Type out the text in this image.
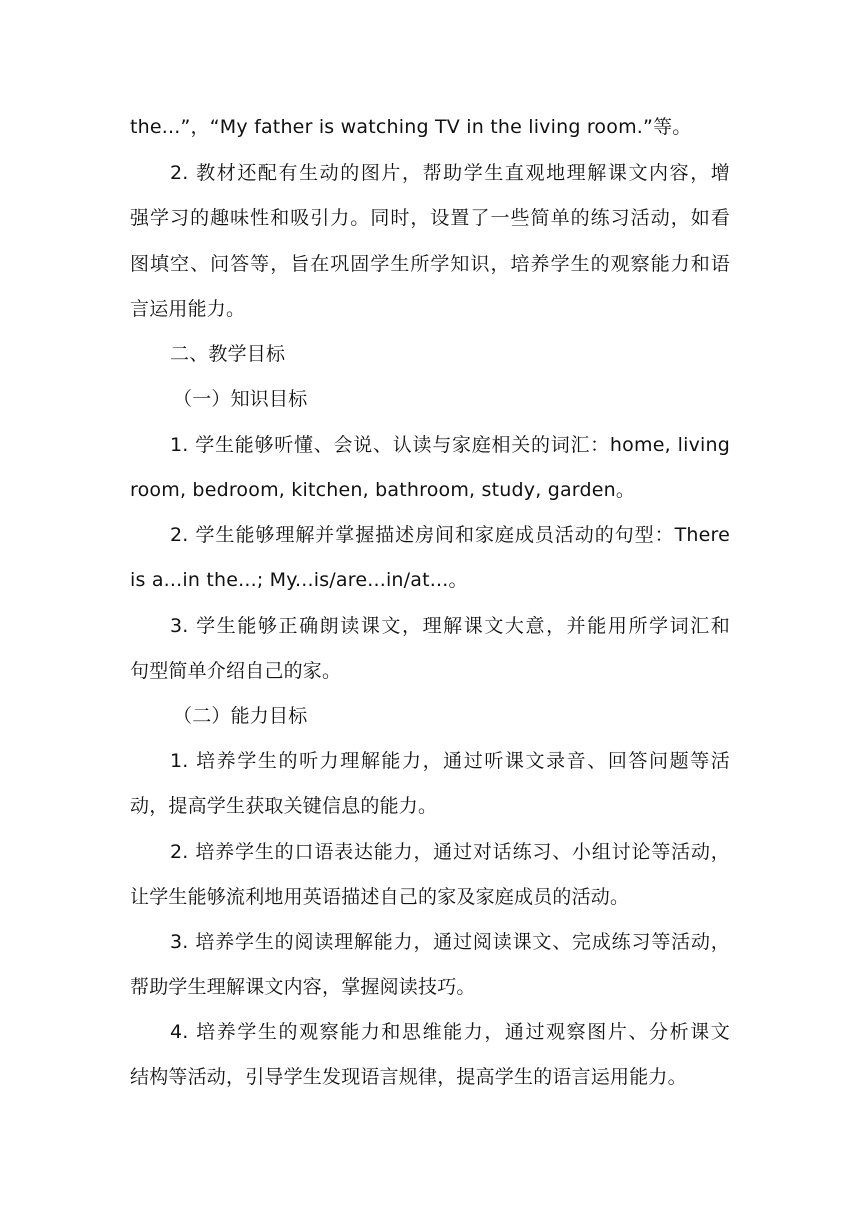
the...”，“My father is watching TV in the living room.”等。
2. 教材还配有生动的图片，帮助学生直观地理解课文内容，增
强学习的趣味性和吸引力。同时，设置了一些简单的练习活动，如看
图填空、问答等，旨在巩固学生所学知识，培养学生的观察能力和语
言运用能力。
二、教学目标
（一）知识目标
1. 学生能够听懂、会说、认读与家庭相关的词汇：home, living
room, bedroom, kitchen, bathroom, study, garden。
2. 学生能够理解并掌握描述房间和家庭成员活动的句型：There
is a...in the...; My...is/are...in/at...。
3. 学生能够正确朗读课文，理解课文大意，并能用所学词汇和
句型简单介绍自己的家。
（二）能力目标
1. 培养学生的听力理解能力，通过听课文录音、回答问题等活
动，提高学生获取关键信息的能力。
2. 培养学生的口语表达能力，通过对话练习、小组讨论等活动，
让学生能够流利地用英语描述自己的家及家庭成员的活动。
3. 培养学生的阅读理解能力，通过阅读课文、完成练习等活动，
帮助学生理解课文内容，掌握阅读技巧。
4. 培养学生的观察能力和思维能力，通过观察图片、分析课文
结构等活动，引导学生发现语言规律，提高学生的语言运用能力。
